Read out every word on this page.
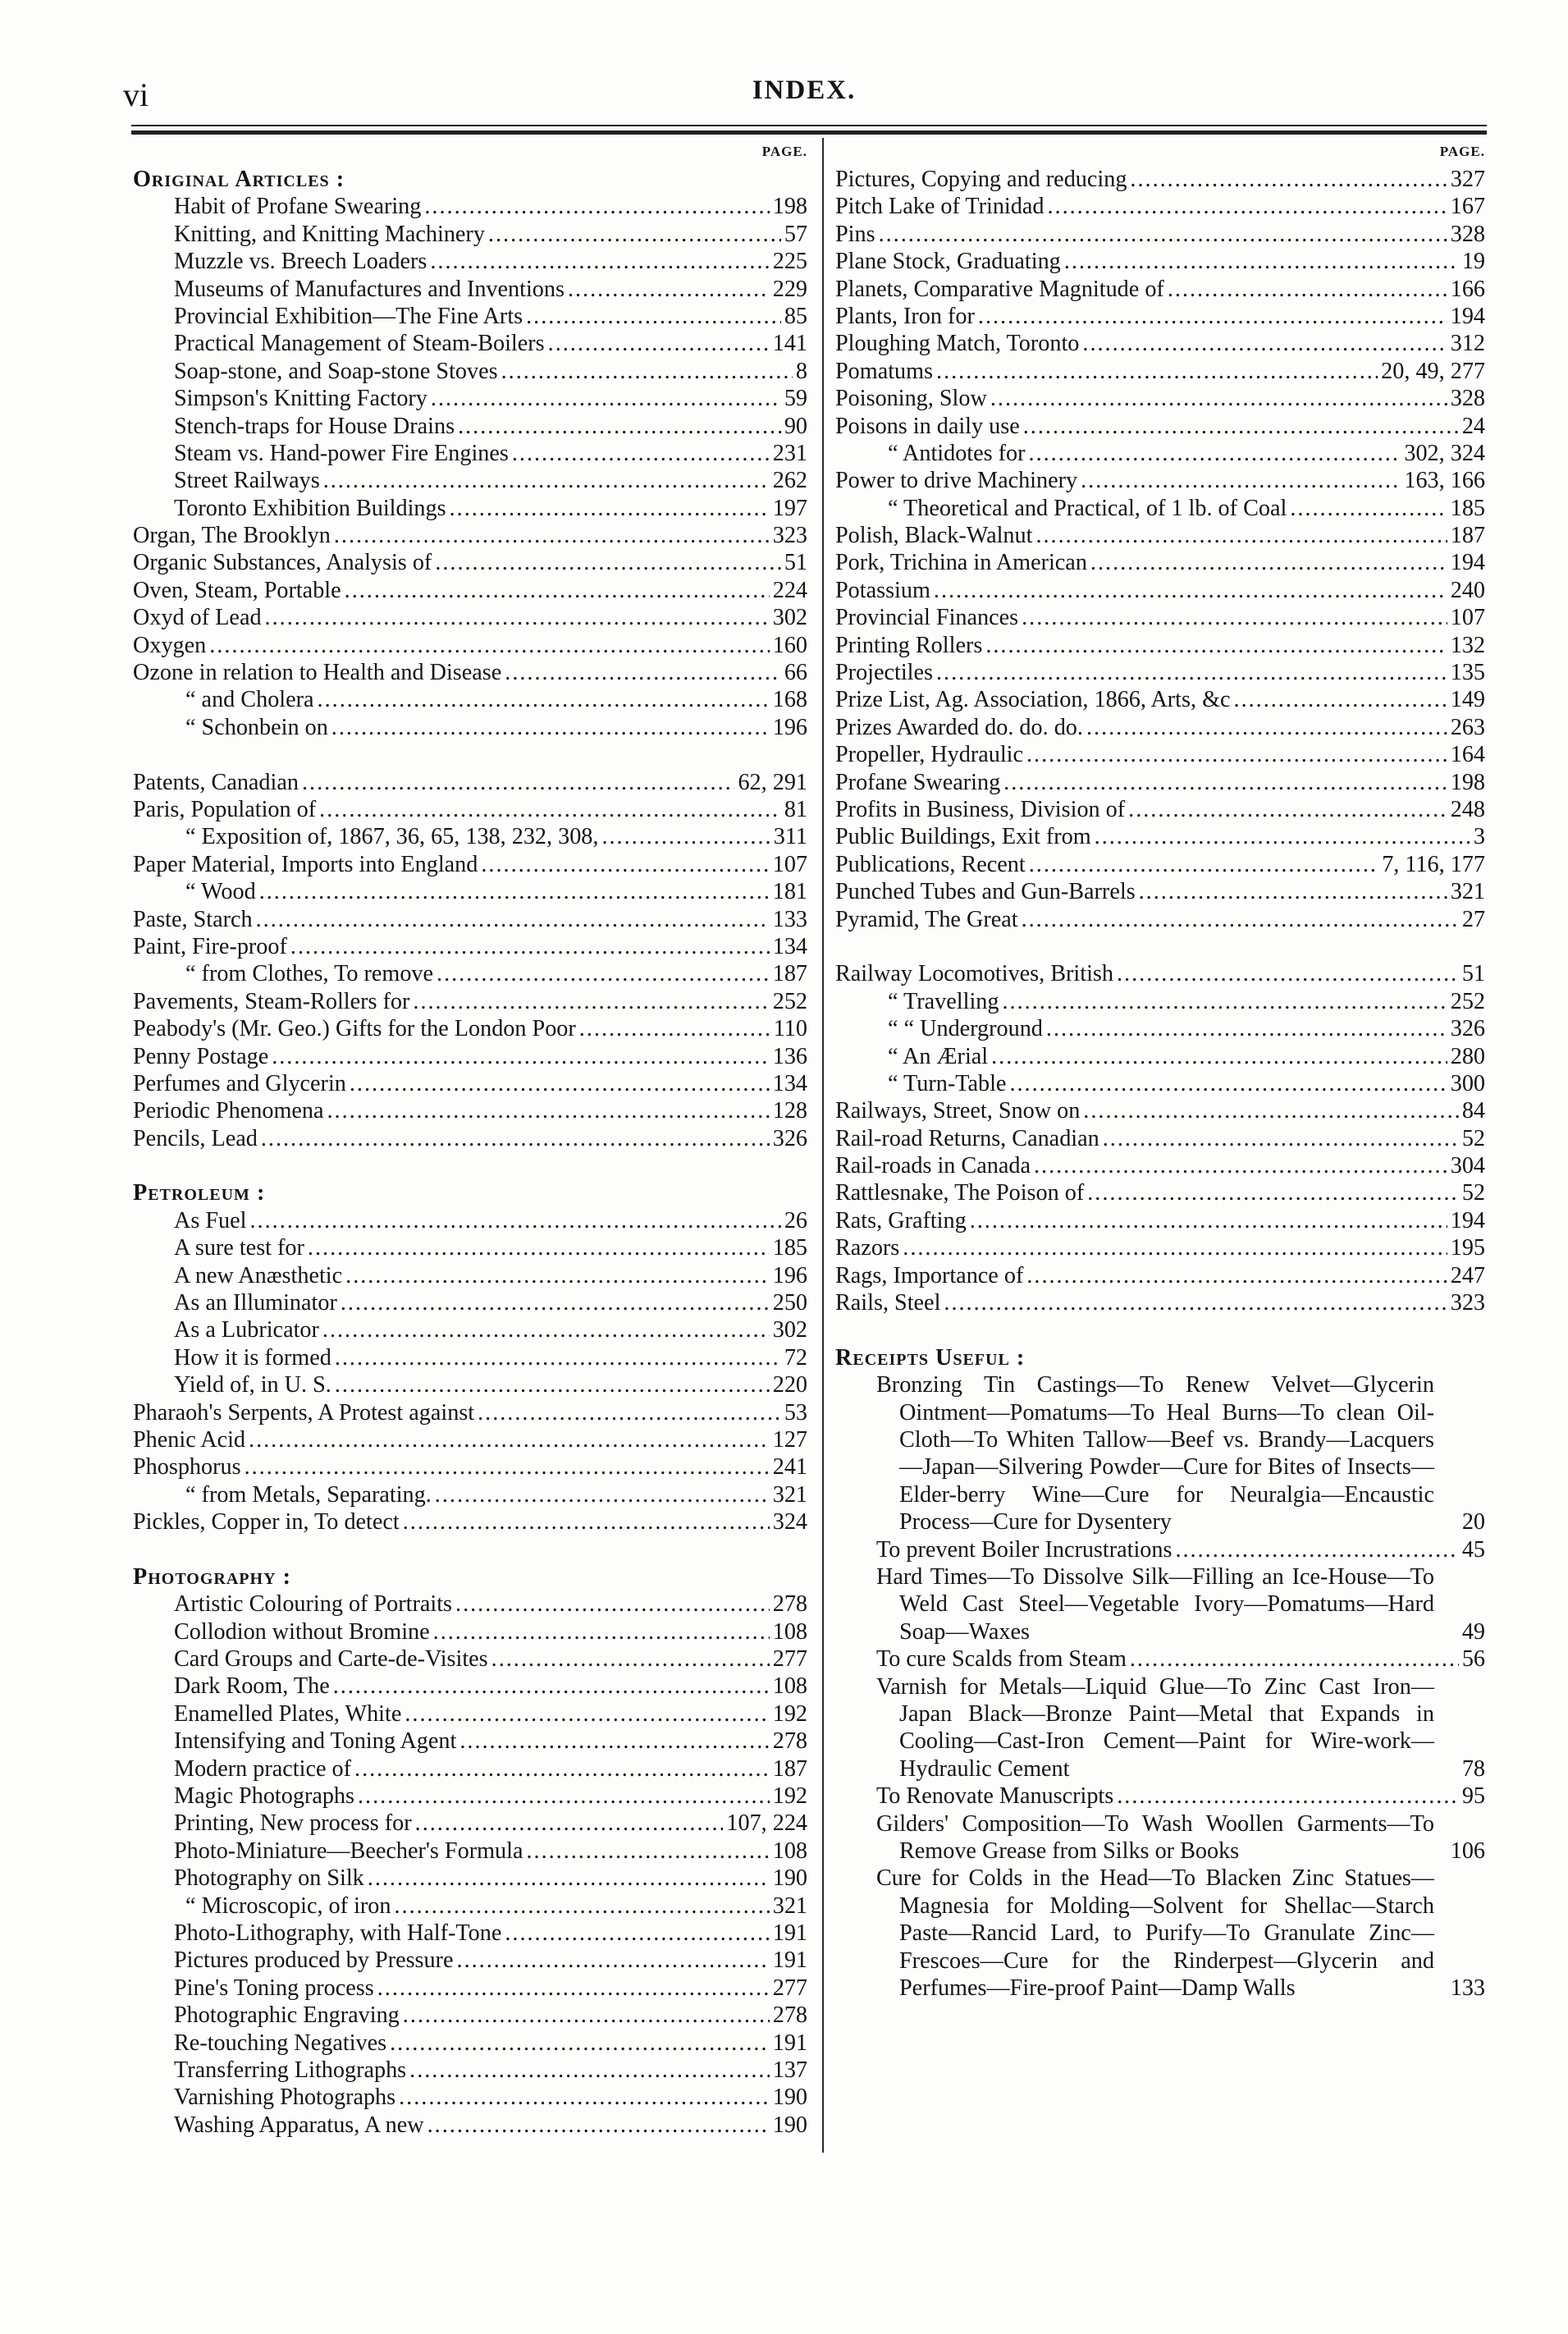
vi	INDEX.
PAGE.
Original Articles :
Habit of Profane Swearing .....	198
Knitting, and Knitting Machinery .....	57
Muzzle vs. Breech Loaders .....	225
Museums of Manufactures and Inventions .....	229
Provincial Exhibition—The Fine Arts .....	85
Practical Management of Steam-Boilers .....	141
Soap-stone, and Soap-stone Stoves .....	8
Simpson's Knitting Factory .....	59
Stench-traps for House Drains .....	90
Steam vs. Hand-power Fire Engines .....	231
Street Railways .....	262
Toronto Exhibition Buildings .....	197
Organ, The Brooklyn .....	323
Organic Substances, Analysis of .....	51
Oven, Steam, Portable .....	224
Oxyd of Lead .....	302
Oxygen .....	160
Ozone in relation to Health and Disease .....	66
“ and Cholera .....	168
“ Schonbein on .....	196
Patents, Canadian .....	62, 291
Paris, Population of .....	81
“ Exposition of, 1867, 36, 65, 138, 232, 308, .....	311
Paper Material, Imports into England .....	107
“ Wood .....	181
Paste, Starch .....	133
Paint, Fire-proof .....	134
“ from Clothes, To remove .....	187
Pavements, Steam-Rollers for .....	252
Peabody's (Mr. Geo.) Gifts for the London Poor .....	110
Penny Postage .....	136
Perfumes and Glycerin .....	134
Periodic Phenomena .....	128
Pencils, Lead .....	326
Petroleum :
As Fuel .....	26
A sure test for .....	185
A new Anæsthetic .....	196
As an Illuminator .....	250
As a Lubricator .....	302
How it is formed .....	72
Yield of, in U. S. .....	220
Pharaoh's Serpents, A Protest against .....	53
Phenic Acid .....	127
Phosphorus .....	241
“ from Metals, Separating. .....	321
Pickles, Copper in, To detect .....	324
Photography :
Artistic Colouring of Portraits .....	278
Collodion without Bromine .....	108
Card Groups and Carte-de-Visites .....	277
Dark Room, The .....	108
Enamelled Plates, White .....	192
Intensifying and Toning Agent .....	278
Modern practice of .....	187
Magic Photographs .....	192
Printing, New process for .....	107, 224
Photo-Miniature—Beecher's Formula .....	108
Photography on Silk .....	190
“ Microscopic, of iron .....	321
Photo-Lithography, with Half-Tone .....	191
Pictures produced by Pressure .....	191
Pine's Toning process .....	277
Photographic Engraving .....	278
Re-touching Negatives .....	191
Transferring Lithographs .....	137
Varnishing Photographs .....	190
Washing Apparatus, A new .....	190
PAGE.
Pictures, Copying and reducing .....	327
Pitch Lake of Trinidad .....	167
Pins .....	328
Plane Stock, Graduating .....	19
Planets, Comparative Magnitude of .....	166
Plants, Iron for .....	194
Ploughing Match, Toronto .....	312
Pomatums .....	20, 49, 277
Poisoning, Slow .....	328
Poisons in daily use .....	24
“ Antidotes for .....	302, 324
Power to drive Machinery .....	163, 166
“ Theoretical and Practical, of 1 lb. of Coal .....	185
Polish, Black-Walnut .....	187
Pork, Trichina in American .....	194
Potassium .....	240
Provincial Finances .....	107
Printing Rollers .....	132
Projectiles .....	135
Prize List, Ag. Association, 1866, Arts, &c .....	149
Prizes Awarded do. do. do. .....	263
Propeller, Hydraulic .....	164
Profane Swearing .....	198
Profits in Business, Division of .....	248
Public Buildings, Exit from .....	3
Publications, Recent .....	7, 116, 177
Punched Tubes and Gun-Barrels .....	321
Pyramid, The Great .....	27
Railway Locomotives, British .....	51
“ Travelling .....	252
“ “ Underground .....	326
“ An Ærial .....	280
“ Turn-Table .....	300
Railways, Street, Snow on .....	84
Rail-road Returns, Canadian .....	52
Rail-roads in Canada .....	304
Rattlesnake, The Poison of .....	52
Rats, Grafting .....	194
Razors .....	195
Rags, Importance of .....	247
Rails, Steel .....	323
Receipts Useful :
Bronzing Tin Castings—To Renew Velvet—Glycerin Ointment—Pomatums—To Heal Burns—To clean Oil-Cloth—To Whiten Tallow—Beef vs. Brandy—Lacquers—Japan—Silvering Powder—Cure for Bites of Insects—Elder-berry Wine—Cure for Neuralgia—Encaustic Process—Cure for Dysentery	20
To prevent Boiler Incrustrations .....	45
Hard Times—To Dissolve Silk—Filling an Ice-House—To Weld Cast Steel—Vegetable Ivory—Pomatums—Hard Soap—Waxes	49
To cure Scalds from Steam .....	56
Varnish for Metals—Liquid Glue—To Zinc Cast Iron—Japan Black—Bronze Paint—Metal that Expands in Cooling—Cast-Iron Cement—Paint for Wire-work—Hydraulic Cement	78
To Renovate Manuscripts .....	95
Gilders' Composition—To Wash Woollen Garments—To Remove Grease from Silks or Books	106
Cure for Colds in the Head—To Blacken Zinc Statues—Magnesia for Molding—Solvent for Shellac—Starch Paste—Rancid Lard, to Purify—To Granulate Zinc—Frescoes—Cure for the Rinderpest—Glycerin and Perfumes—Fire-proof Paint—Damp Walls	133
